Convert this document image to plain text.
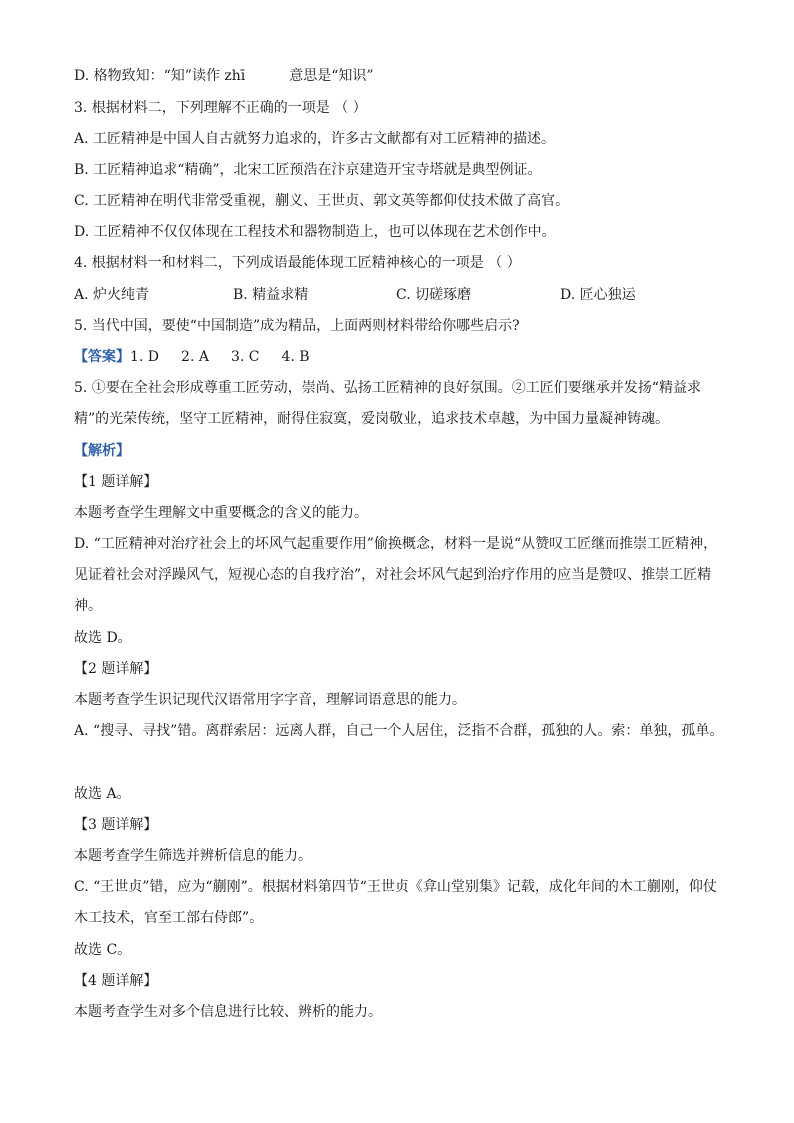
D. 格物致知：“知”读作 zhī	意思是“知识”
3. 根据材料二，下列理解不正确的一项是 （ ）
A. 工匠精神是中国人自古就努力追求的，许多古文献都有对工匠精神的描述。
B. 工匠精神追求“精确”，北宋工匠预浩在汴京建造开宝寺塔就是典型例证。
C. 工匠精神在明代非常受重视，蒯义、王世贞、郭文英等都仰仗技术做了高官。
D. 工匠精神不仅仅体现在工程技术和器物制造上，也可以体现在艺术创作中。
4. 根据材料一和材料二，下列成语最能体现工匠精神核心的一项是 （ ）
A. 炉火纯青	B. 精益求精	C. 切磋琢磨	D. 匠心独运
5. 当代中国，要使“中国制造”成为精品，上面两则材料带给你哪些启示?
【答案】1. D 2. A 3. C 4. B
5. ①要在全社会形成尊重工匠劳动，崇尚、弘扬工匠精神的良好氛围。②工匠们要继承并发扬“精益求精”的光荣传统，坚守工匠精神，耐得住寂寞，爱岗敬业，追求技术卓越，为中国力量凝神铸魂。
【解析】
【1 题详解】
本题考查学生理解文中重要概念的含义的能力。
D. “工匠精神对治疗社会上的坏风气起重要作用”偷换概念，材料一是说“从赞叹工匠继而推崇工匠精神，见证着社会对浮躁风气，短视心态的自我疗治”，对社会坏风气起到治疗作用的应当是赞叹、推崇工匠精神。
故选 D。
【2 题详解】
本题考查学生识记现代汉语常用字字音，理解词语意思的能力。
A. “搜寻、寻找”错。离群索居：远离人群，自己一个人居住，泛指不合群，孤独的人。索：单独，孤单。
故选 A。
【3 题详解】
本题考查学生筛选并辨析信息的能力。
C. “王世贞”错，应为“蒯刚”。根据材料第四节“王世贞《弇山堂别集》记载，成化年间的木工蒯刚，仰仗木工技术，官至工部右侍郎”。
故选 C。
【4 题详解】
本题考查学生对多个信息进行比较、辨析的能力。
